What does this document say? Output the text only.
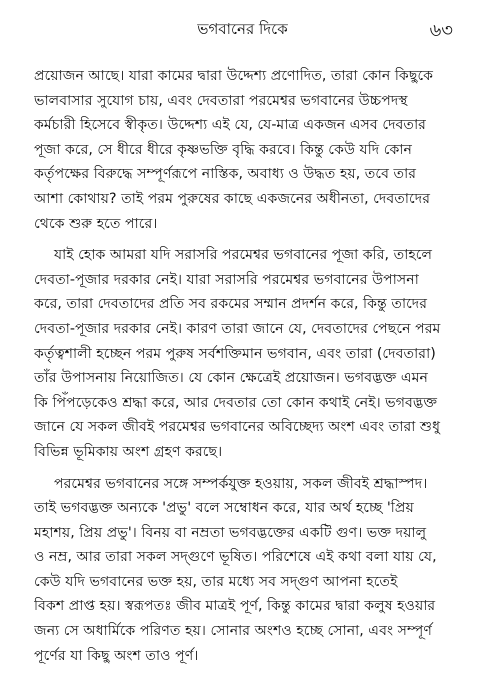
ভগবানের দিকে	৬৩

প্রয়োজন আছে। যারা কামের দ্বারা উদ্দেশ্য প্রণোদিত, তারা কোন কিছুকে
ভালবাসার সুযোগ চায়, এবং দেবতারা পরমেশ্বর ভগবানের উচ্চপদস্থ
কর্মচারী হিসেবে স্বীকৃত। উদ্দেশ্য এই যে, যে-মাত্র একজন এসব দেবতার
পূজা করে, সে ধীরে ধীরে কৃষ্ণভক্তি বৃদ্ধি করবে। কিন্তু কেউ যদি কোন
কর্তৃপক্ষের বিরুদ্ধে সম্পূর্ণরূপে নাস্তিক, অবাধ্য ও উদ্ধত হয়, তবে তার
আশা কোথায়? তাই পরম পুরুষের কাছে একজনের অধীনতা, দেবতাদের
থেকে শুরু হতে পারে।

যাই হোক আমরা যদি সরাসরি পরমেশ্বর ভগবানের পূজা করি, তাহলে
দেবতা-পূজার দরকার নেই। যারা সরাসরি পরমেশ্বর ভগবানের উপাসনা
করে, তারা দেবতাদের প্রতি সব রকমের সম্মান প্রদর্শন করে, কিন্তু তাদের
দেবতা-পূজার দরকার নেই। কারণ তারা জানে যে, দেবতাদের পেছনে পরম
কর্তৃত্বশালী হচ্ছেন পরম পুরুষ সর্বশক্তিমান ভগবান, এবং তারা (দেবতারা)
তাঁর উপাসনায় নিয়োজিত। যে কোন ক্ষেত্রেই প্রয়োজন। ভগবদ্ভক্ত এমন
কি পিঁপড়েকেও শ্রদ্ধা করে, আর দেবতার তো কোন কথাই নেই। ভগবদ্ভক্ত
জানে যে সকল জীবই পরমেশ্বর ভগবানের অবিচ্ছেদ্য অংশ এবং তারা শুধু
বিভিন্ন ভূমিকায় অংশ গ্রহণ করছে।

পরমেশ্বর ভগবানের সঙ্গে সম্পর্কযুক্ত হওয়ায়, সকল জীবই শ্রদ্ধাস্পদ।
তাই ভগবদ্ভক্ত অন্যকে 'প্রভু' বলে সম্বোধন করে, যার অর্থ হচ্ছে 'প্রিয়
মহাশয়, প্রিয় প্রভু'। বিনয় বা নম্রতা ভগবদ্ভক্তের একটি গুণ। ভক্ত দয়ালু
ও নম্র, আর তারা সকল সদ্গুণে ভূষিত। পরিশেষে এই কথা বলা যায় যে,
কেউ যদি ভগবানের ভক্ত হয়, তার মধ্যে সব সদ্গুণ আপনা হতেই
বিকশ প্রাপ্ত হয়। স্বরূপতঃ জীব মাত্রই পূর্ণ, কিন্তু কামের দ্বারা কলুষ হওয়ার
জন্য সে অধার্মিকে পরিণত হয়। সোনার অংশও হচ্ছে সোনা, এবং সম্পূর্ণ
পূর্ণের যা কিছু অংশ তাও পূর্ণ।
